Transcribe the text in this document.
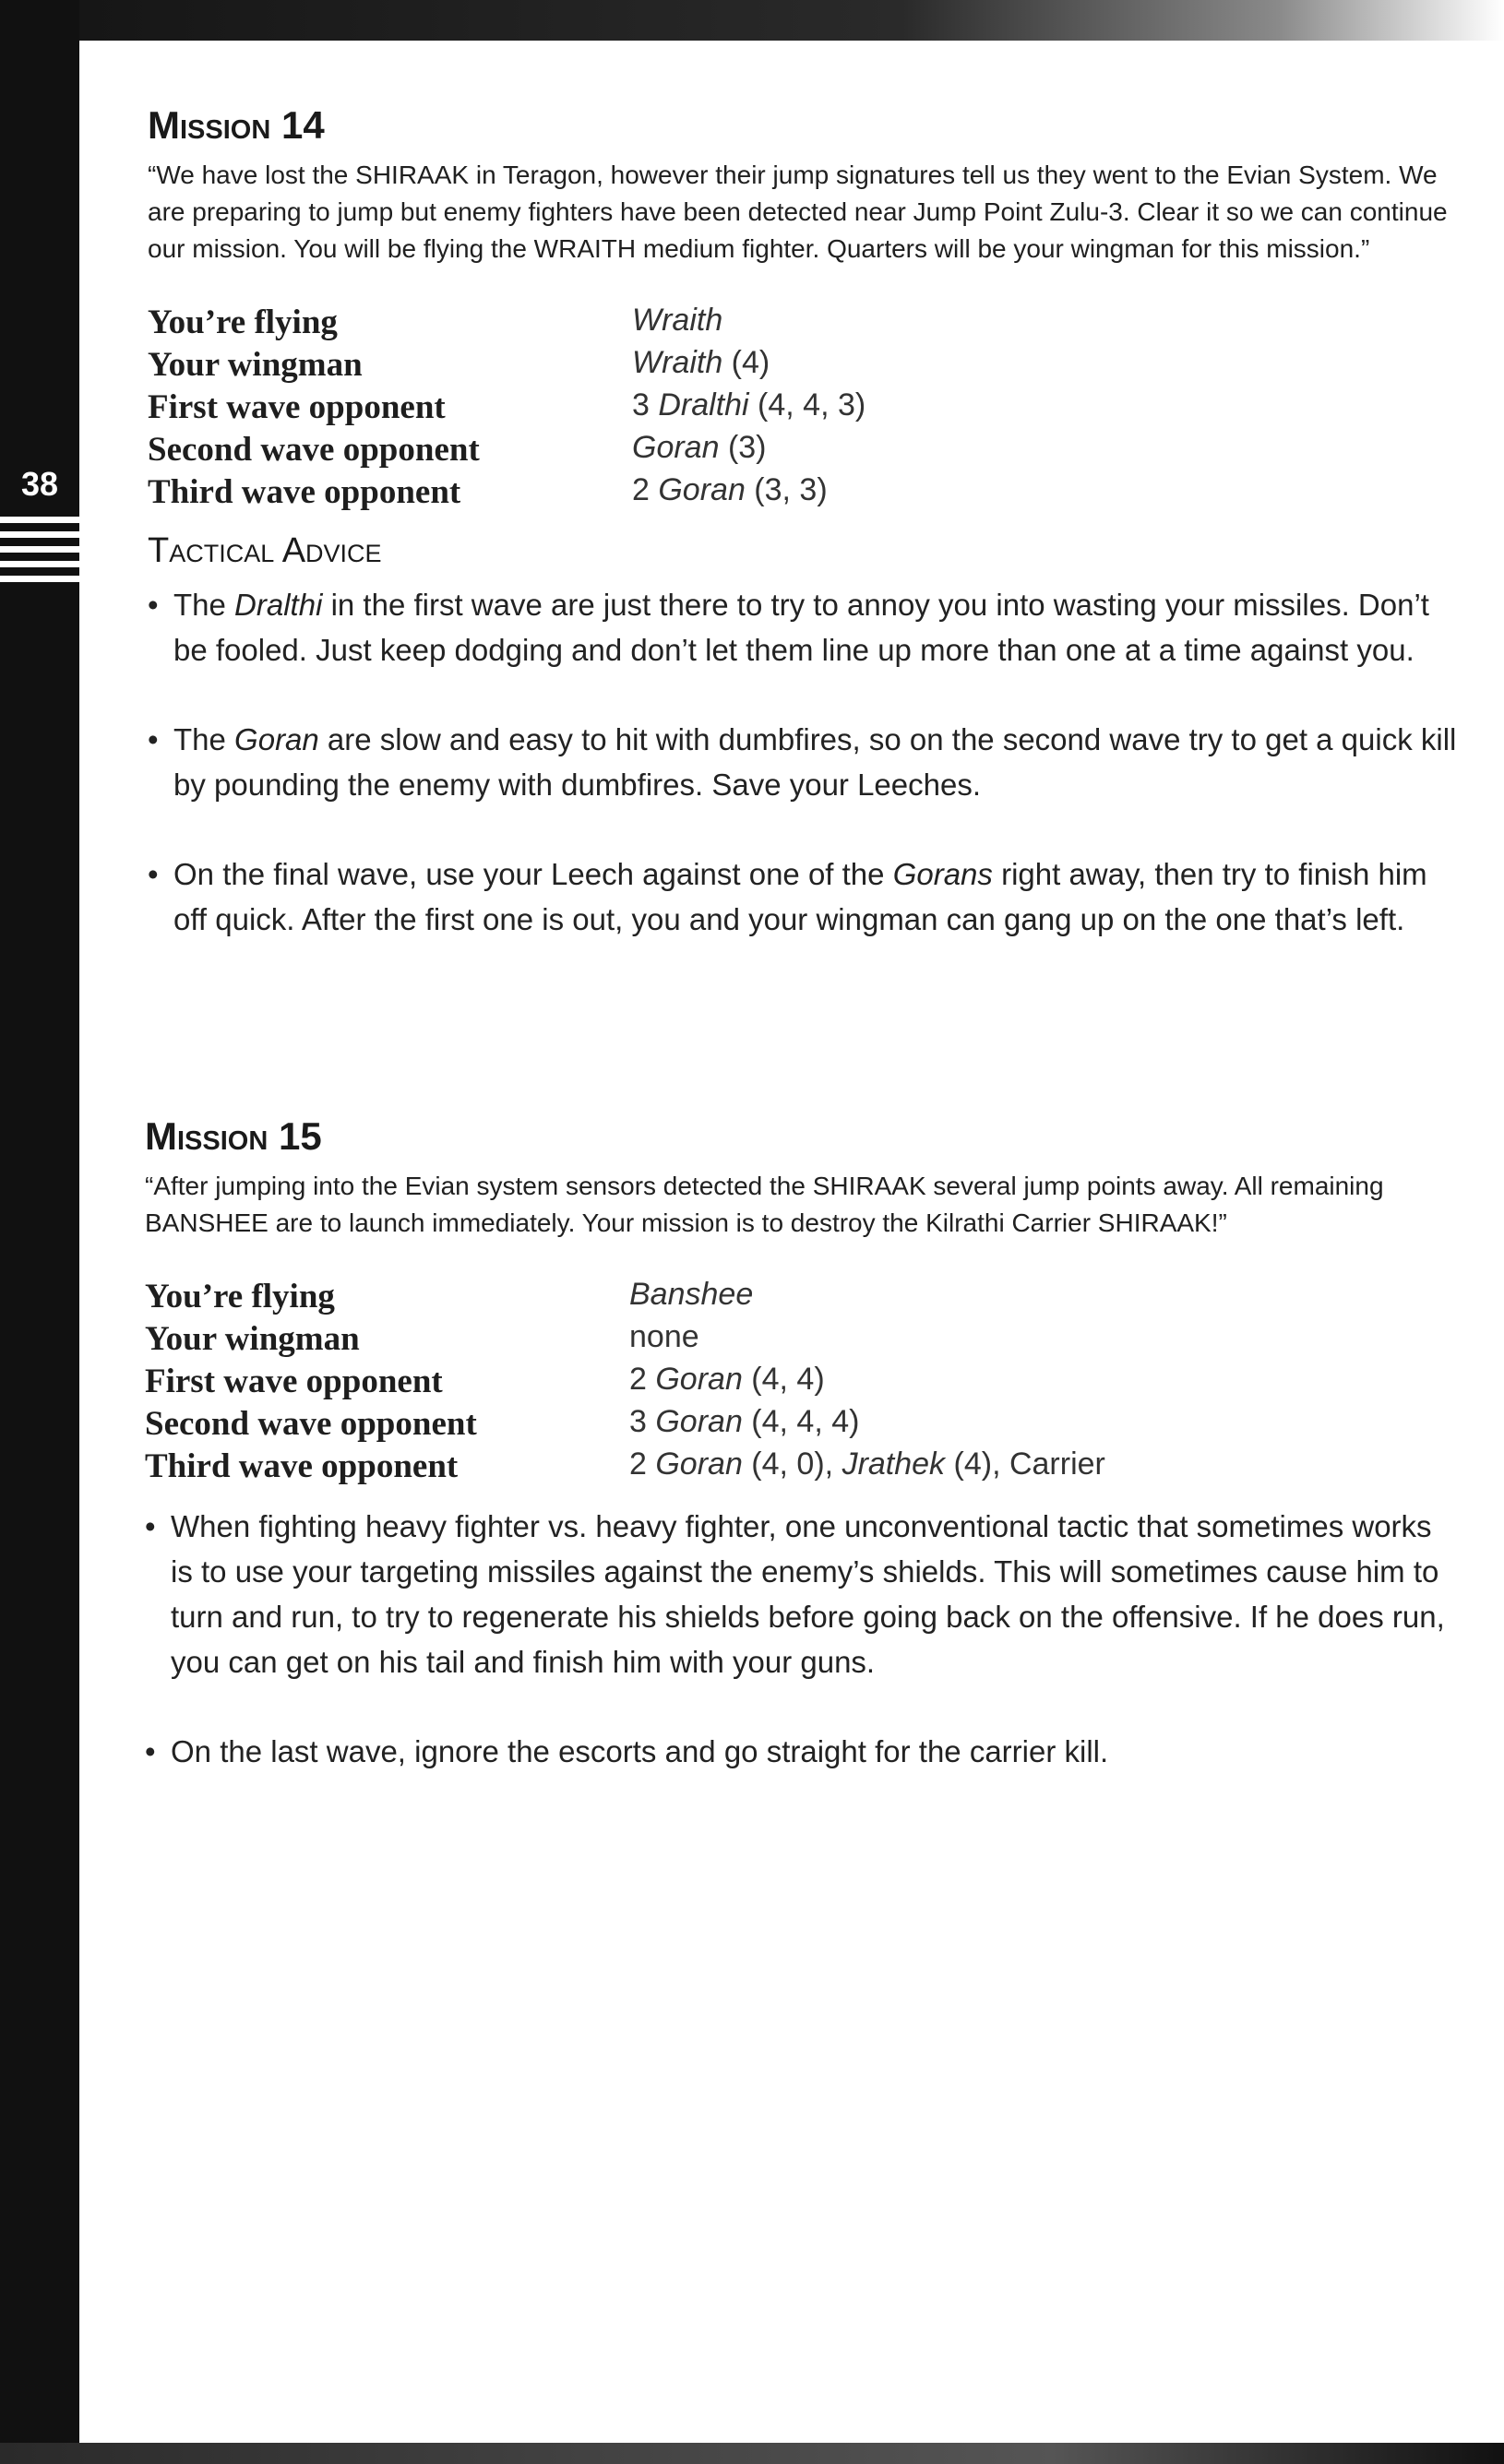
38
Mission 14

“We have lost the SHIRAAK in Teragon, however their jump signatures tell us they went to the Evian System. We are preparing to jump but enemy fighters have been detected near Jump Point Zulu-3. Clear it so we can continue our mission. You will be flying the WRAITH medium fighter. Quarters will be your wingman for this mission.”

You’re flying	Wraith
Your wingman	Wraith (4)
First wave opponent	3 Dralthi (4, 4, 3)
Second wave opponent	Goran (3)
Third wave opponent	2 Goran (3, 3)
Tactical Advice
• The Dralthi in the first wave are just there to try to annoy you into wasting your missiles. Don’t be fooled. Just keep dodging and don’t let them line up more than one at a time against you.
• The Goran are slow and easy to hit with dumbfires, so on the second wave try to get a quick kill by pounding the enemy with dumbfires. Save your Leeches.
• On the final wave, use your Leech against one of the Gorans right away, then try to finish him off quick. After the first one is out, you and your wingman can gang up on the one that’s left.
Mission 15

“After jumping into the Evian system sensors detected the SHIRAAK several jump points away. All remaining BANSHEE are to launch immediately. Your mission is to destroy the Kilrathi Carrier SHIRAAK!”

You’re flying	Banshee
Your wingman	none
First wave opponent	2 Goran (4, 4)
Second wave opponent	3 Goran (4, 4, 4)
Third wave opponent	2 Goran (4, 0), Jrathek (4), Carrier
• When fighting heavy fighter vs. heavy fighter, one unconventional tactic that sometimes works is to use your targeting missiles against the enemy’s shields. This will sometimes cause him to turn and run, to try to regenerate his shields before going back on the offensive. If he does run, you can get on his tail and finish him with your guns.
• On the last wave, ignore the escorts and go straight for the carrier kill.
